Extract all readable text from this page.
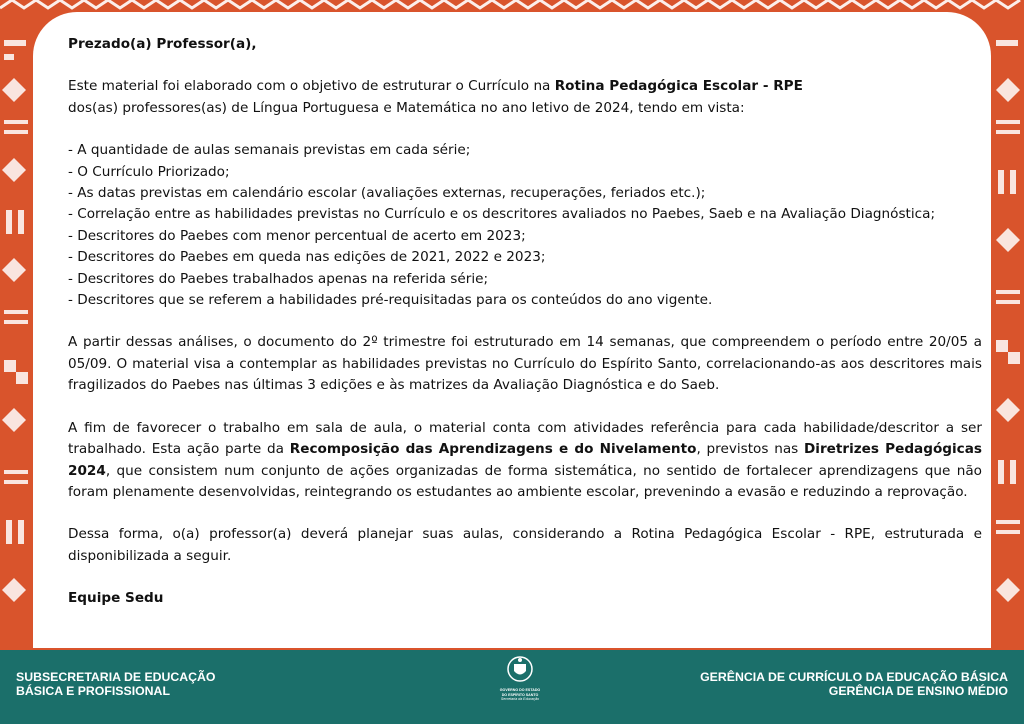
Prezado(a) Professor(a),

Este material foi elaborado com o objetivo de estruturar o Currículo na Rotina Pedagógica Escolar - RPE

dos(as) professores(as) de Língua Portuguesa e Matemática no ano letivo de 2024, tendo em vista:

- A quantidade de aulas semanais previstas em cada série;

- O Currículo Priorizado;

- As datas previstas em calendário escolar (avaliações externas, recuperações, feriados etc.);

- Correlação entre as habilidades previstas no Currículo e os descritores avaliados no Paebes, Saeb e na Avaliação Diagnóstica;

- Descritores do Paebes com menor percentual de acerto em 2023;

- Descritores do Paebes em queda nas edições de 2021, 2022 e 2023;

- Descritores do Paebes trabalhados apenas na referida série;

- Descritores que se referem a habilidades pré-requisitadas para os conteúdos do ano vigente.

A partir dessas análises, o documento do 2º trimestre foi estruturado em 14 semanas, que compreendem o período entre 20/05 a 05/09. O material visa a contemplar as habilidades previstas no Currículo do Espírito Santo, correlacionando-as aos descritores mais fragilizados do Paebes nas últimas 3 edições e às matrizes da Avaliação Diagnóstica e do Saeb.

A fim de favorecer o trabalho em sala de aula, o material conta com atividades referência para cada habilidade/descritor a ser trabalhado. Esta ação parte da Recomposição das Aprendizagens e do Nivelamento, previstos nas Diretrizes Pedagógicas 2024, que consistem num conjunto de ações organizadas de forma sistemática, no sentido de fortalecer aprendizagens que não foram plenamente desenvolvidas, reintegrando os estudantes ao ambiente escolar, prevenindo a evasão e reduzindo a reprovação.

Dessa forma, o(a) professor(a) deverá planejar suas aulas, considerando a Rotina Pedagógica Escolar - RPE, estruturada e disponibilizada a seguir.

Equipe Sedu

SUBSECRETARIA DE EDUCAÇÃO
BÁSICA E PROFISSIONAL	GOVERNO DO ESTADO
DO ESPÍRITO SANTO
Secretaria da Educação
GERÊNCIA DE CURRÍCULO DA EDUCAÇÃO BÁSICA
GERÊNCIA DE ENSINO MÉDIO
